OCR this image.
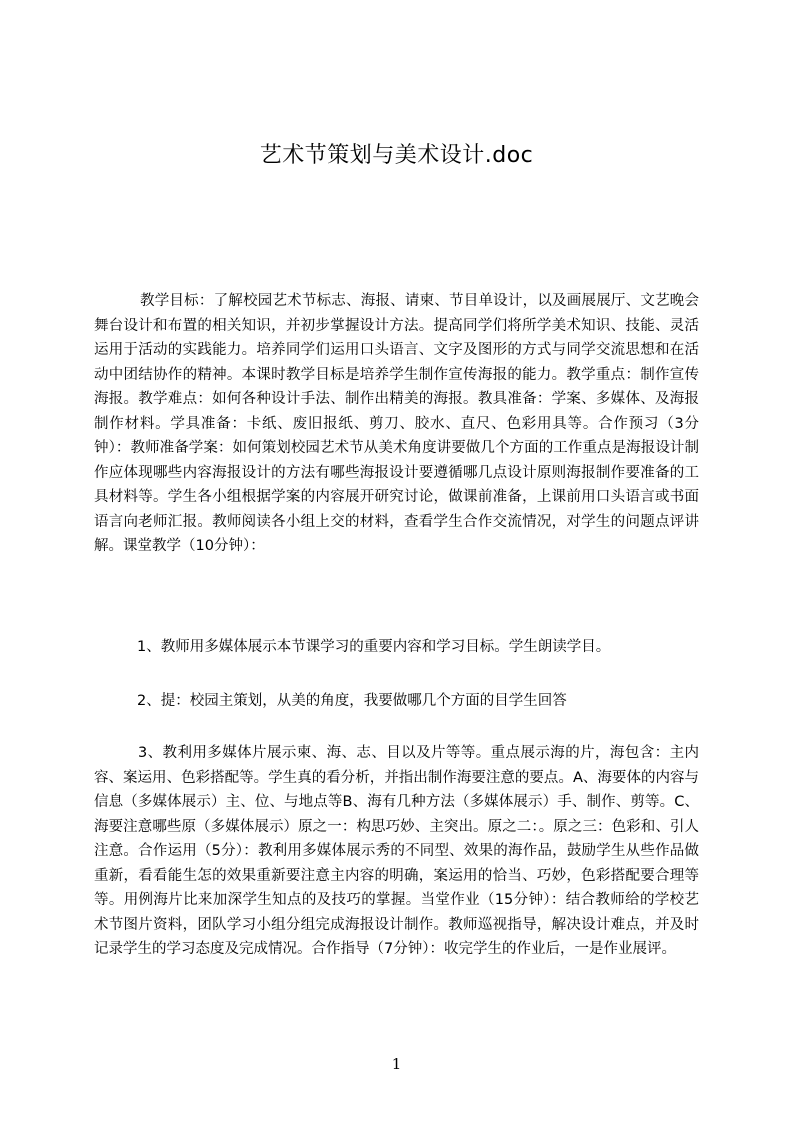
艺术节策划与美术设计.doc
教学目标：了解校园艺术节标志、海报、请柬、节目单设计，以及画展展厅、文艺晚会舞台设计和布置的相关知识，并初步掌握设计方法。提高同学们将所学美术知识、技能、灵活运用于活动的实践能力。培养同学们运用口头语言、文字及图形的方式与同学交流思想和在活动中团结协作的精神。本课时教学目标是培养学生制作宣传海报的能力。教学重点：制作宣传海报。教学难点：如何各种设计手法、制作出精美的海报。教具准备：学案、多媒体、及海报制作材料。学具准备：卡纸、废旧报纸、剪刀、胶水、直尺、色彩用具等。合作预习（3分钟）：教师准备学案：如何策划校园艺术节从美术角度讲要做几个方面的工作重点是海报设计制作应体现哪些内容海报设计的方法有哪些海报设计要遵循哪几点设计原则海报制作要准备的工具材料等。学生各小组根据学案的内容展开研究讨论，做课前准备，上课前用口头语言或书面语言向老师汇报。教师阅读各小组上交的材料，查看学生合作交流情况，对学生的问题点评讲解。课堂教学（10分钟）：
1、教师用多媒体展示本节课学习的重要内容和学习目标。学生朗读学目。
2、提：校园主策划，从美的角度，我要做哪几个方面的目学生回答
3、教利用多媒体片展示柬、海、志、目以及片等等。重点展示海的片，海包含：主内容、案运用、色彩搭配等。学生真的看分析，并指出制作海要注意的要点。A、海要体的内容与信息（多媒体展示）主、位、与地点等B、海有几种方法（多媒体展示）手、制作、剪等。C、海要注意哪些原（多媒体展示）原之一：构思巧妙、主突出。原之二：。原之三：色彩和、引人注意。合作运用（5分）：教利用多媒体展示秀的不同型、效果的海作品，鼓励学生从些作品做重新，看看能生怎的效果重新要注意主内容的明确，案运用的恰当、巧妙，色彩搭配要合理等等。用例海片比来加深学生知点的及技巧的掌握。当堂作业（15分钟）：结合教师给的学校艺术节图片资料，团队学习小组分组完成海报设计制作。教师巡视指导，解决设计难点，并及时记录学生的学习态度及完成情况。合作指导（7分钟）：收完学生的作业后，一是作业展评。
1
